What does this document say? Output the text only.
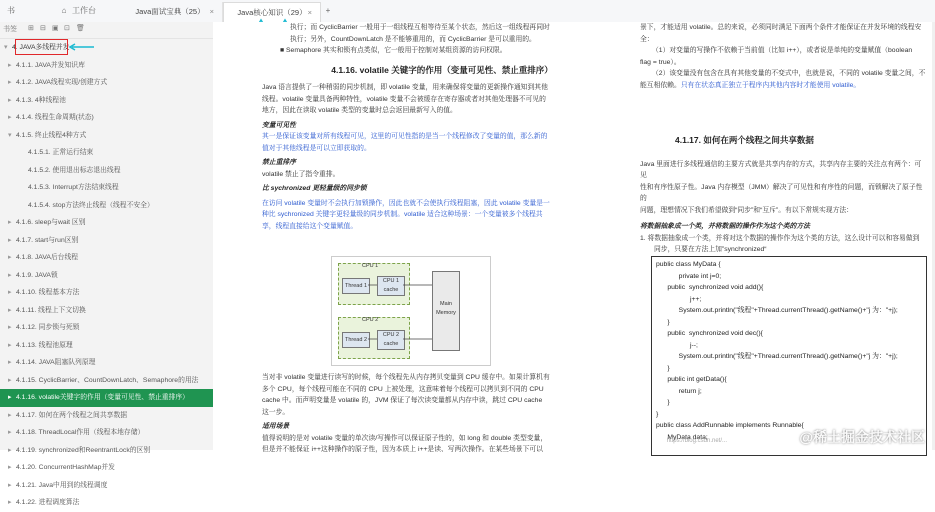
书	⌂ 工作台	Java面试宝典（25） ×	Java核心知识（29） ×	+
书签 ⊞ ⊟ ▣ ⊡ 🗑
▾ 4. JAVA多线程并发
▸ 4.1.1. JAVA并发知识库
▸ 4.1.2. JAVA线程实现/创建方式
▸ 4.1.3. 4种线程池
▸ 4.1.4. 线程生命周期(状态)
▾ 4.1.5. 终止线程4种方式
4.1.5.1. 正常运行结束
4.1.5.2. 使用退出标志退出线程
4.1.5.3. Interrupt方法结束线程
4.1.5.4. stop方法终止线程（线程不安全）
▸ 4.1.6. sleep与wait 区别
▸ 4.1.7. start与run区别
▸ 4.1.8. JAVA后台线程
▸ 4.1.9. JAVA锁
▸ 4.1.10. 线程基本方法
▸ 4.1.11. 线程上下文切换
▸ 4.1.12. 同步锁与死锁
▸ 4.1.13. 线程池原理
▸ 4.1.14. JAVA阻塞队列原理
▸ 4.1.15. CyclicBarrier、CountDownLatch、Semaphore的用法
▸ 4.1.16. volatile关键字的作用（变量可见性、禁止重排序）
▸ 4.1.17. 如何在两个线程之间共享数据
▸ 4.1.18. ThreadLocal作用（线程本地存储）
▸ 4.1.19. synchronized和ReentrantLock的区别
▸ 4.1.20. ConcurrentHashMap并发
▸ 4.1.21. Java中用到的线程调度
▸ 4.1.22. 进程调度算法

执行；而 CyclicBarrier 一般用于一组线程互相等待至某个状态，然后这一组线程再同时

执行；另外，CountDownLatch 是不能够重用的，而 CyclicBarrier 是可以重用的。

■ Semaphore 其实和锁有点类似，它一般用于控制对某组资源的访问权限。

4.1.16. volatile 关键字的作用（变量可见性、禁止重排序）

Java 语言提供了一种稍弱的同步机制，即 volatile 变量，用来确保将变量的更新操作通知到其他

线程。volatile 变量具备两种特性，volatile 变量不会被缓存在寄存器或者对其他处理器不可见的

地方，因此在读取 volatile 类型的变量时总会返回最新写入的值。

变量可见性

其一是保证该变量对所有线程可见，这里的可见性指的是当一个线程修改了变量的值，那么新的

值对于其他线程是可以立即获取的。

禁止重排序

volatile 禁止了指令重排。

比 sychronized 更轻量级的同步锁

在访问 volatile 变量时不会执行加锁操作，因此也就不会使执行线程阻塞，因此 volatile 变量是一

种比 sychronized 关键字更轻量级的同步机制。volatile 适合这种场景：一个变量被多个线程共

享，线程直接给这个变量赋值。

CPU 1
Thread 1
CPU 1 cache
CPU 2
Thread 2
CPU 2 cache
Main Memory

当对非 volatile 变量进行读写的时候，每个线程先从内存拷贝变量到 CPU 缓存中。如果计算机有

多个 CPU，每个线程可能在不同的 CPU 上被处理，这意味着每个线程可以拷贝到不同的 CPU

cache 中。而声明变量是 volatile 的，JVM 保证了每次读变量都从内存中读，跳过 CPU cache

这一步。

适用场景

值得说明的是对 volatile 变量的单次读/写操作可以保证原子性的，如 long 和 double 类型变量，

但是并不能保证 i++这种操作的原子性，因为本质上 i++是读、写两次操作。在某些场景下可以

景下，才能适用 volatile。总的来说，必须同时满足下面两个条件才能保证在并发环境的线程安

全：

（1）对变量的写操作不依赖于当前值（比如 i++），或者说是单纯的变量赋值（boolean

flag = true）。

（2）该变量没有包含在具有其他变量的不变式中，也就是说，不同的 volatile 变量之间，不

能互相依赖。只有在状态真正独立于程序内其他内容时才能使用 volatile。

4.1.17. 如何在两个线程之间共享数据

Java 里面进行多线程通信的主要方式就是共享内存的方式，共享内存主要的关注点有两个：可见

性和有序性原子性。Java 内存模型（JMM）解决了可见性和有序性的问题，而锁解决了原子性的

问题，理想情况下我们希望做到“同步”和“互斥”。有以下常规实现方法：

将数据抽象成一个类，并将数据的操作作为这个类的方法

1. 将数据抽象成一个类，并将对这个数据的操作作为这个类的方法，这么设计可以和容易做到

同步，只要在方法上加”synchronized“

public class MyData {
private int j=0;
public  synchronized void add(){
j++;
System.out.println("线程"+Thread.currentThread().getName()+"j 为："+j);
}
public  synchronized void dec(){
j--;
System.out.println("线程"+Thread.currentThread().getName()+"j 为："+j);
}
public int getData(){
return j;
}
}
public class AddRunnable implements Runnable{
MyData data;
https://blog.csdn.net/...	@稀土掘金技术社区
